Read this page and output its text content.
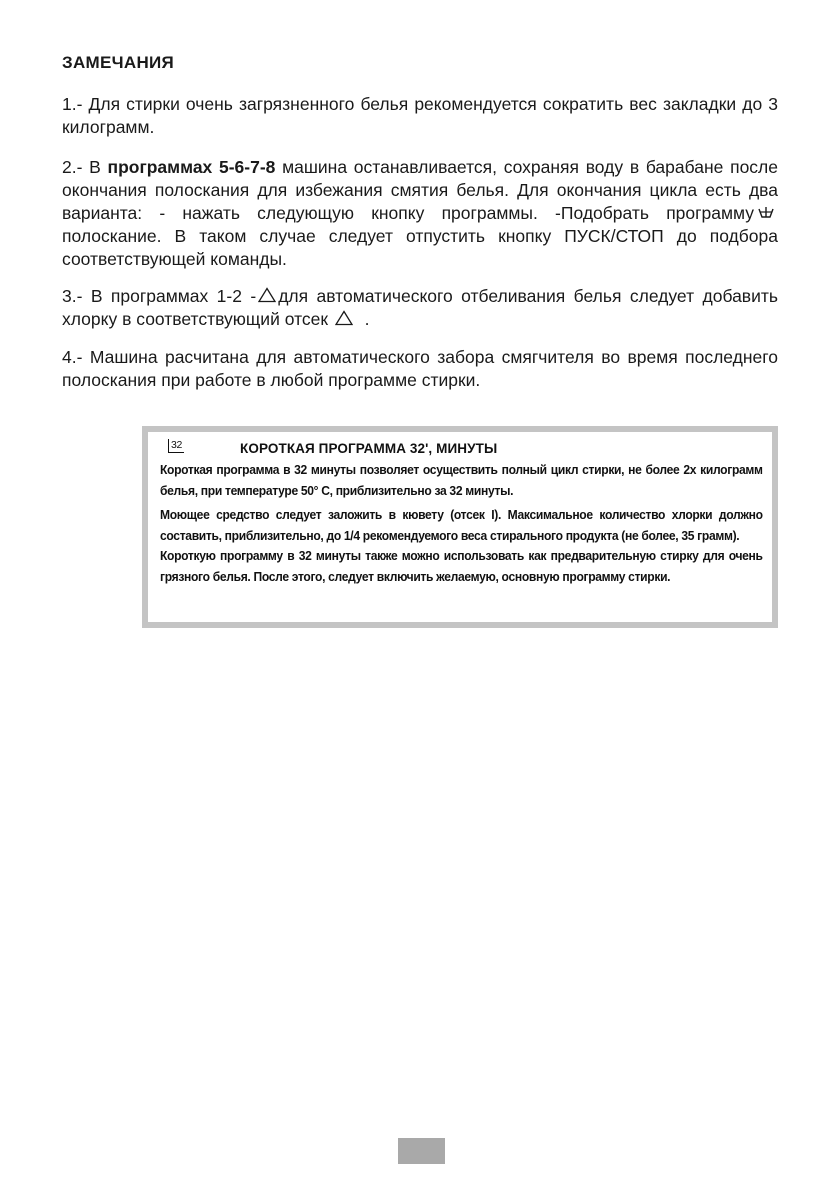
ЗАМЕЧАНИЯ

1.- Для стирки очень загрязненного белья рекомендуется сократить вес закладки до 3 килограмм.

2.- В программах 5-6-7-8 машина останавливается, сохраняя воду в барабане после окончания полоскания для избежания смятия белья. Для окончания цикла есть два варианта: - нажать следующую кнопку программы. -Подобрать программуполоскание. В таком случае следует отпустить кнопку ПУСК/СТОП до подбора соответствующей команды.

3.- В программах 1-2 - для автоматического отбеливания белья следует добавить хлорку в соответствующий отсек .

4.- Машина расчитана для автоматического забора смягчителя во время последнего полоскания при работе в любой программе стирки.

32	КОРОТКАЯ ПРОГРАММА 32', МИНУТЫ

Короткая программа в 32 минуты позволяет осуществить полный цикл стирки, не более 2х килограмм белья, при температуре 50° С, приблизительно за 32 минуты.

Моющее средство следует заложить в кювету (отсек I). Максимальное количество хлорки должно составить, приблизительно, до 1/4 рекомендуемого веса стирального продукта (не более, 35 грамм).

Короткую программу в 32 минуты также можно использовать как предварительную стирку для очень грязного белья. После этого, следует включить желаемую, основную программу стирки.
